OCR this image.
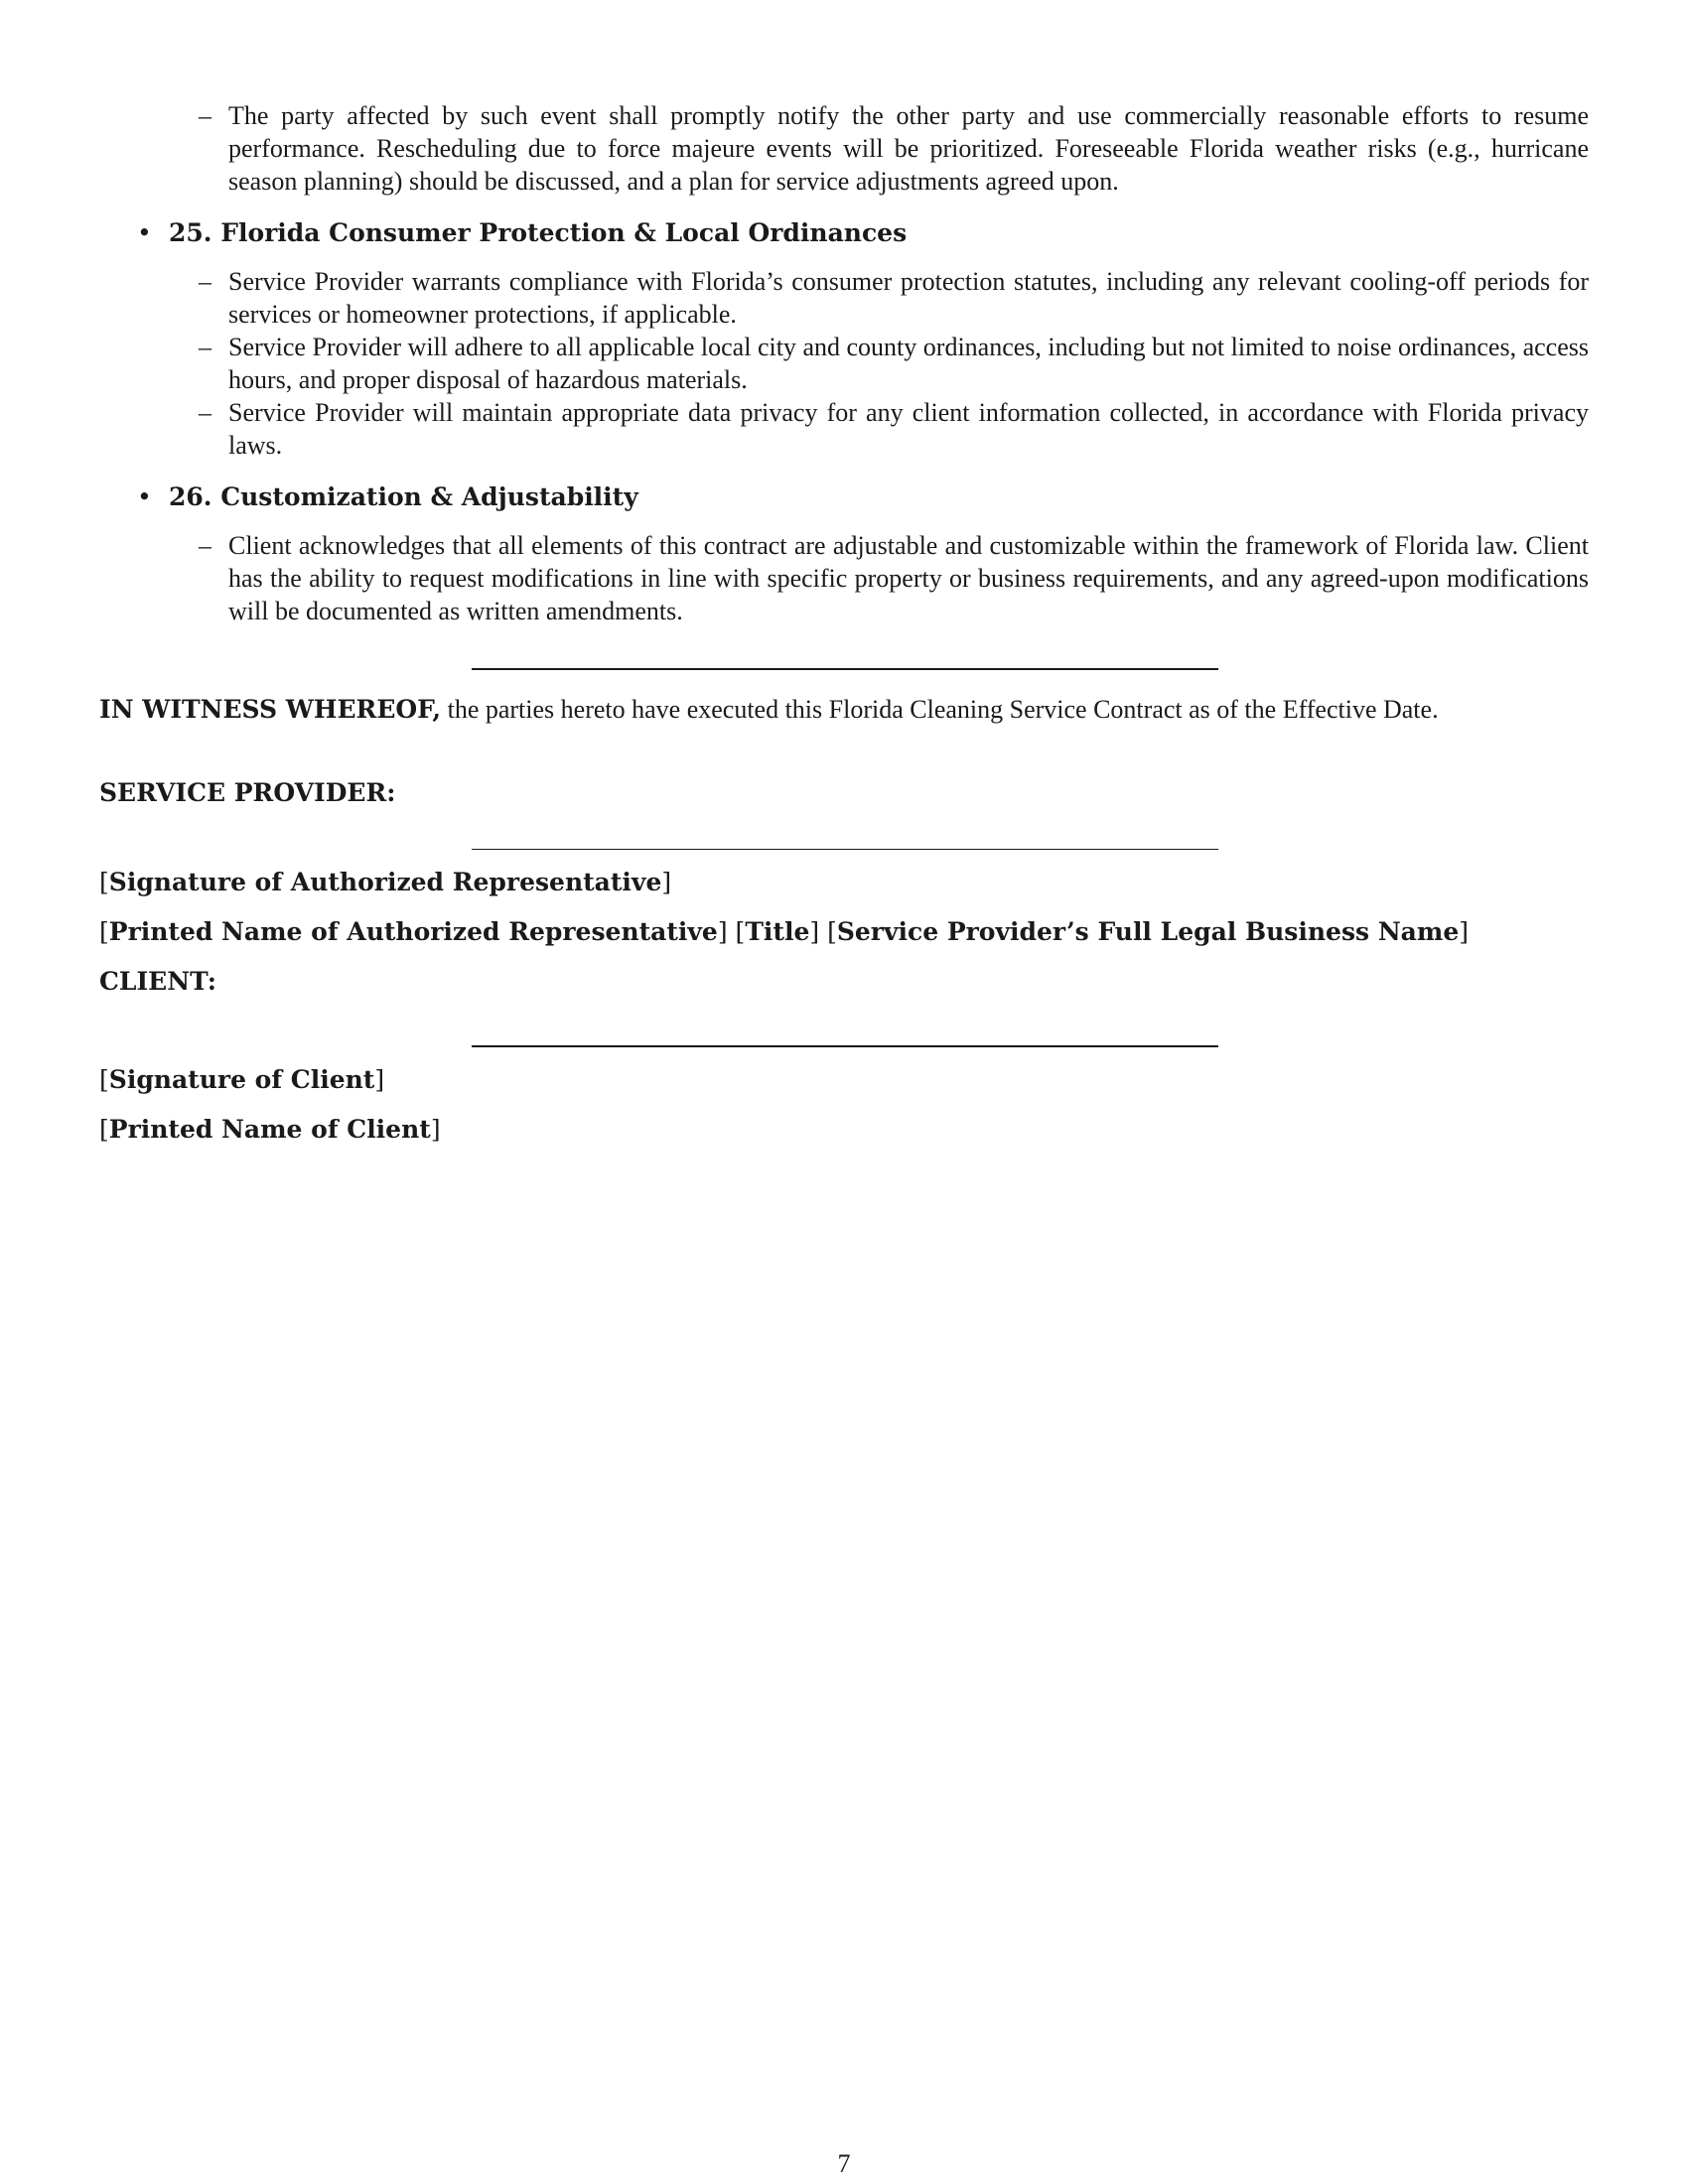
– The party affected by such event shall promptly notify the other party and use commercially reasonable efforts to resume performance. Rescheduling due to force majeure events will be prioritized. Foreseeable Florida weather risks (e.g., hurricane season planning) should be discussed, and a plan for service adjustments agreed upon.

• 25. Florida Consumer Protection & Local Ordinances

– Service Provider warrants compliance with Florida’s consumer protection statutes, including any relevant cooling-off periods for services or homeowner protections, if applicable.

– Service Provider will adhere to all applicable local city and county ordinances, including but not limited to noise ordinances, access hours, and proper disposal of hazardous materials.

– Service Provider will maintain appropriate data privacy for any client information collected, in accordance with Florida privacy laws.

• 26. Customization & Adjustability

– Client acknowledges that all elements of this contract are adjustable and customizable within the framework of Florida law. Client has the ability to request modifications in line with specific property or business requirements, and any agreed-upon modifications will be documented as written amendments.

IN WITNESS WHEREOF, the parties hereto have executed this Florida Cleaning Service Contract as of the Effective Date.

SERVICE PROVIDER:

[Signature of Authorized Representative]

[Printed Name of Authorized Representative] [Title] [Service Provider’s Full Legal Business Name]

CLIENT:

[Signature of Client]

[Printed Name of Client]

7
